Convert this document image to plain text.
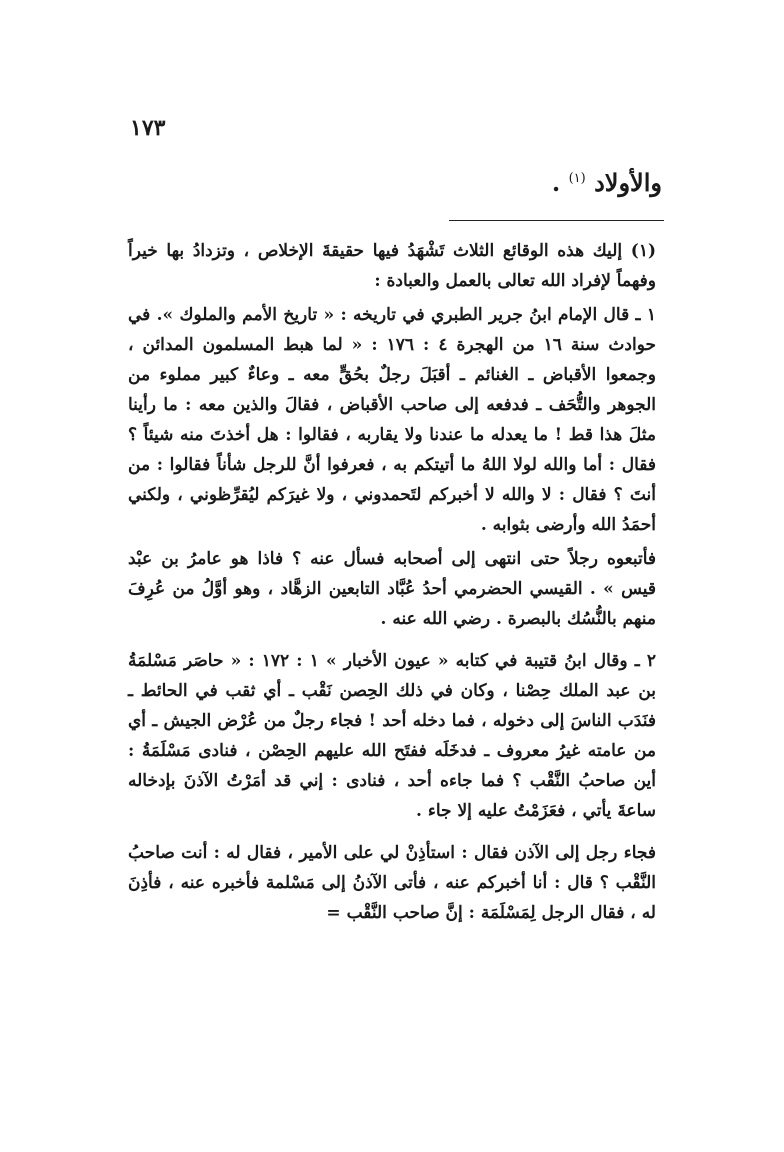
١٧٣
والأولاد $^{(١)}$ .

(١) إليك هذه الوقائع الثلاث تَشْهَدُ فيها حقيقةَ الإخلاص ، وتزدادُ بها خيراً وفهماً لإفراد الله تعالى بالعمل والعبادة :

١ ـ قال الإمام ابنُ جرير الطبري في تاريخه : « تاريخ الأمم والملوك ». في حوادث سنة ١٦ من الهجرة ٤ : ١٧٦ : « لما هبط المسلمون المدائن ، وجمعوا الأقباض ـ الغنائم ـ أقبَلَ رجلٌ بحُقٍّ معه ـ وعاءٌ كبير مملوء من الجوهر والتُّحَف ـ فدفعه إلى صاحب الأقباض ، فقالَ والذين معه : ما رأينا مثلَ هذا قط ! ما يعدله ما عندنا ولا يقاربه ، فقالوا : هل أخذتَ منه شيئاً ؟ فقال : أما والله لولا اللهُ ما أتيتكم به ، فعرفوا أنَّ للرجل شأناً فقالوا : من أنتَ ؟ فقال : لا والله لا أخبركم لتَحمدوني ، ولا غيرَكم ليُقرِّظوني ، ولكني أحمَدُ الله وأرضى بثوابه .

فأتبعوه رجلاً حتى انتهى إلى أصحابه فسأل عنه ؟ فاذا هو عامرُ بن عبْد قيس » . القيسي الحضرمي أحدُ عُبَّاد التابعين الزهَّاد ، وهو أوَّلُ من عُرِفَ منهم بالنُّسُك بالبصرة . رضي الله عنه .

٢ ـ وقال ابنُ قتيبة في كتابه « عيون الأخبار » ١ : ١٧٢ : « حاصَر مَسْلمَةُ بن عبد الملك حِصْنا ، وكان في ذلك الحِصن نَقْب ـ أي ثقب في الحائط ـ فنَدَب الناسَ إلى دخوله ، فما دخله أحد ! فجاء رجلٌ من عُرْض الجيش ـ أي من عامته غيرُ معروف ـ فدخَلَه ففتَح الله عليهم الحِصْن ، فنادى مَسْلَمَةُ : أين صاحبُ النَّقْب ؟ فما جاءه أحد ، فنادى : إني قد أمَرْتُ الآذنَ بإدخاله ساعةَ يأتي ، فعَزَمْتُ عليه إلا جاء .

فجاء رجل إلى الآذن فقال : استأذِنْ لي على الأمير ، فقال له : أنت صاحبُ النَّقْب ؟ قال : أنا أخبركم عنه ، فأتى الآذنُ إلى مَسْلمة فأخبره عنه ، فأذِنَ له ، فقال الرجل لِمَسْلَمَة : إنَّ صاحب النَّقْب =
